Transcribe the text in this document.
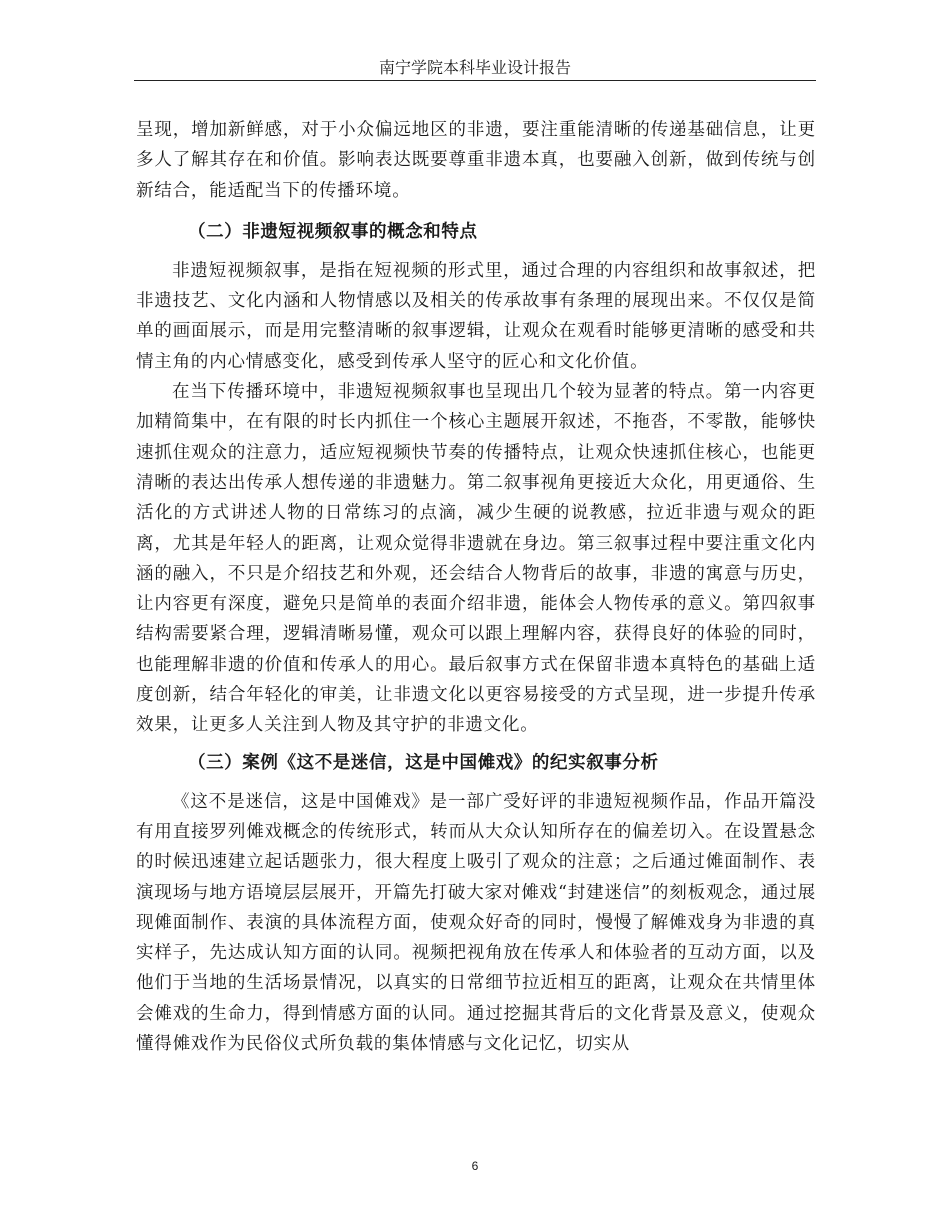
南宁学院本科毕业设计报告

呈现，增加新鲜感，对于小众偏远地区的非遗，要注重能清晰的传递基础信息，让更多人了解其存在和价值。影响表达既要尊重非遗本真，也要融入创新，做到传统与创新结合，能适配当下的传播环境。

（二）非遗短视频叙事的概念和特点

非遗短视频叙事，是指在短视频的形式里，通过合理的内容组织和故事叙述，把非遗技艺、文化内涵和人物情感以及相关的传承故事有条理的展现出来。不仅仅是简单的画面展示，而是用完整清晰的叙事逻辑，让观众在观看时能够更清晰的感受和共情主角的内心情感变化，感受到传承人坚守的匠心和文化价值。

在当下传播环境中，非遗短视频叙事也呈现出几个较为显著的特点。第一内容更加精简集中，在有限的时长内抓住一个核心主题展开叙述，不拖沓，不零散，能够快速抓住观众的注意力，适应短视频快节奏的传播特点，让观众快速抓住核心，也能更清晰的表达出传承人想传递的非遗魅力。第二叙事视角更接近大众化，用更通俗、生活化的方式讲述人物的日常练习的点滴，减少生硬的说教感，拉近非遗与观众的距离，尤其是年轻人的距离，让观众觉得非遗就在身边。第三叙事过程中要注重文化内涵的融入，不只是介绍技艺和外观，还会结合人物背后的故事，非遗的寓意与历史，让内容更有深度，避免只是简单的表面介绍非遗，能体会人物传承的意义。第四叙事结构需要紧合理，逻辑清晰易懂，观众可以跟上理解内容，获得良好的体验的同时，也能理解非遗的价值和传承人的用心。最后叙事方式在保留非遗本真特色的基础上适度创新，结合年轻化的审美，让非遗文化以更容易接受的方式呈现，进一步提升传承效果，让更多人关注到人物及其守护的非遗文化。

（三）案例《这不是迷信，这是中国傩戏》的纪实叙事分析

《这不是迷信，这是中国傩戏》是一部广受好评的非遗短视频作品，作品开篇没有用直接罗列傩戏概念的传统形式，转而从大众认知所存在的偏差切入。在设置悬念的时候迅速建立起话题张力，很大程度上吸引了观众的注意；之后通过傩面制作、表演现场与地方语境层层展开，开篇先打破大家对傩戏“封建迷信”的刻板观念，通过展现傩面制作、表演的具体流程方面，使观众好奇的同时，慢慢了解傩戏身为非遗的真实样子，先达成认知方面的认同。视频把视角放在传承人和体验者的互动方面，以及他们于当地的生活场景情况，以真实的日常细节拉近相互的距离，让观众在共情里体会傩戏的生命力，得到情感方面的认同。通过挖掘其背后的文化背景及意义，使观众懂得傩戏作为民俗仪式所负载的集体情感与文化记忆，切实从

6
